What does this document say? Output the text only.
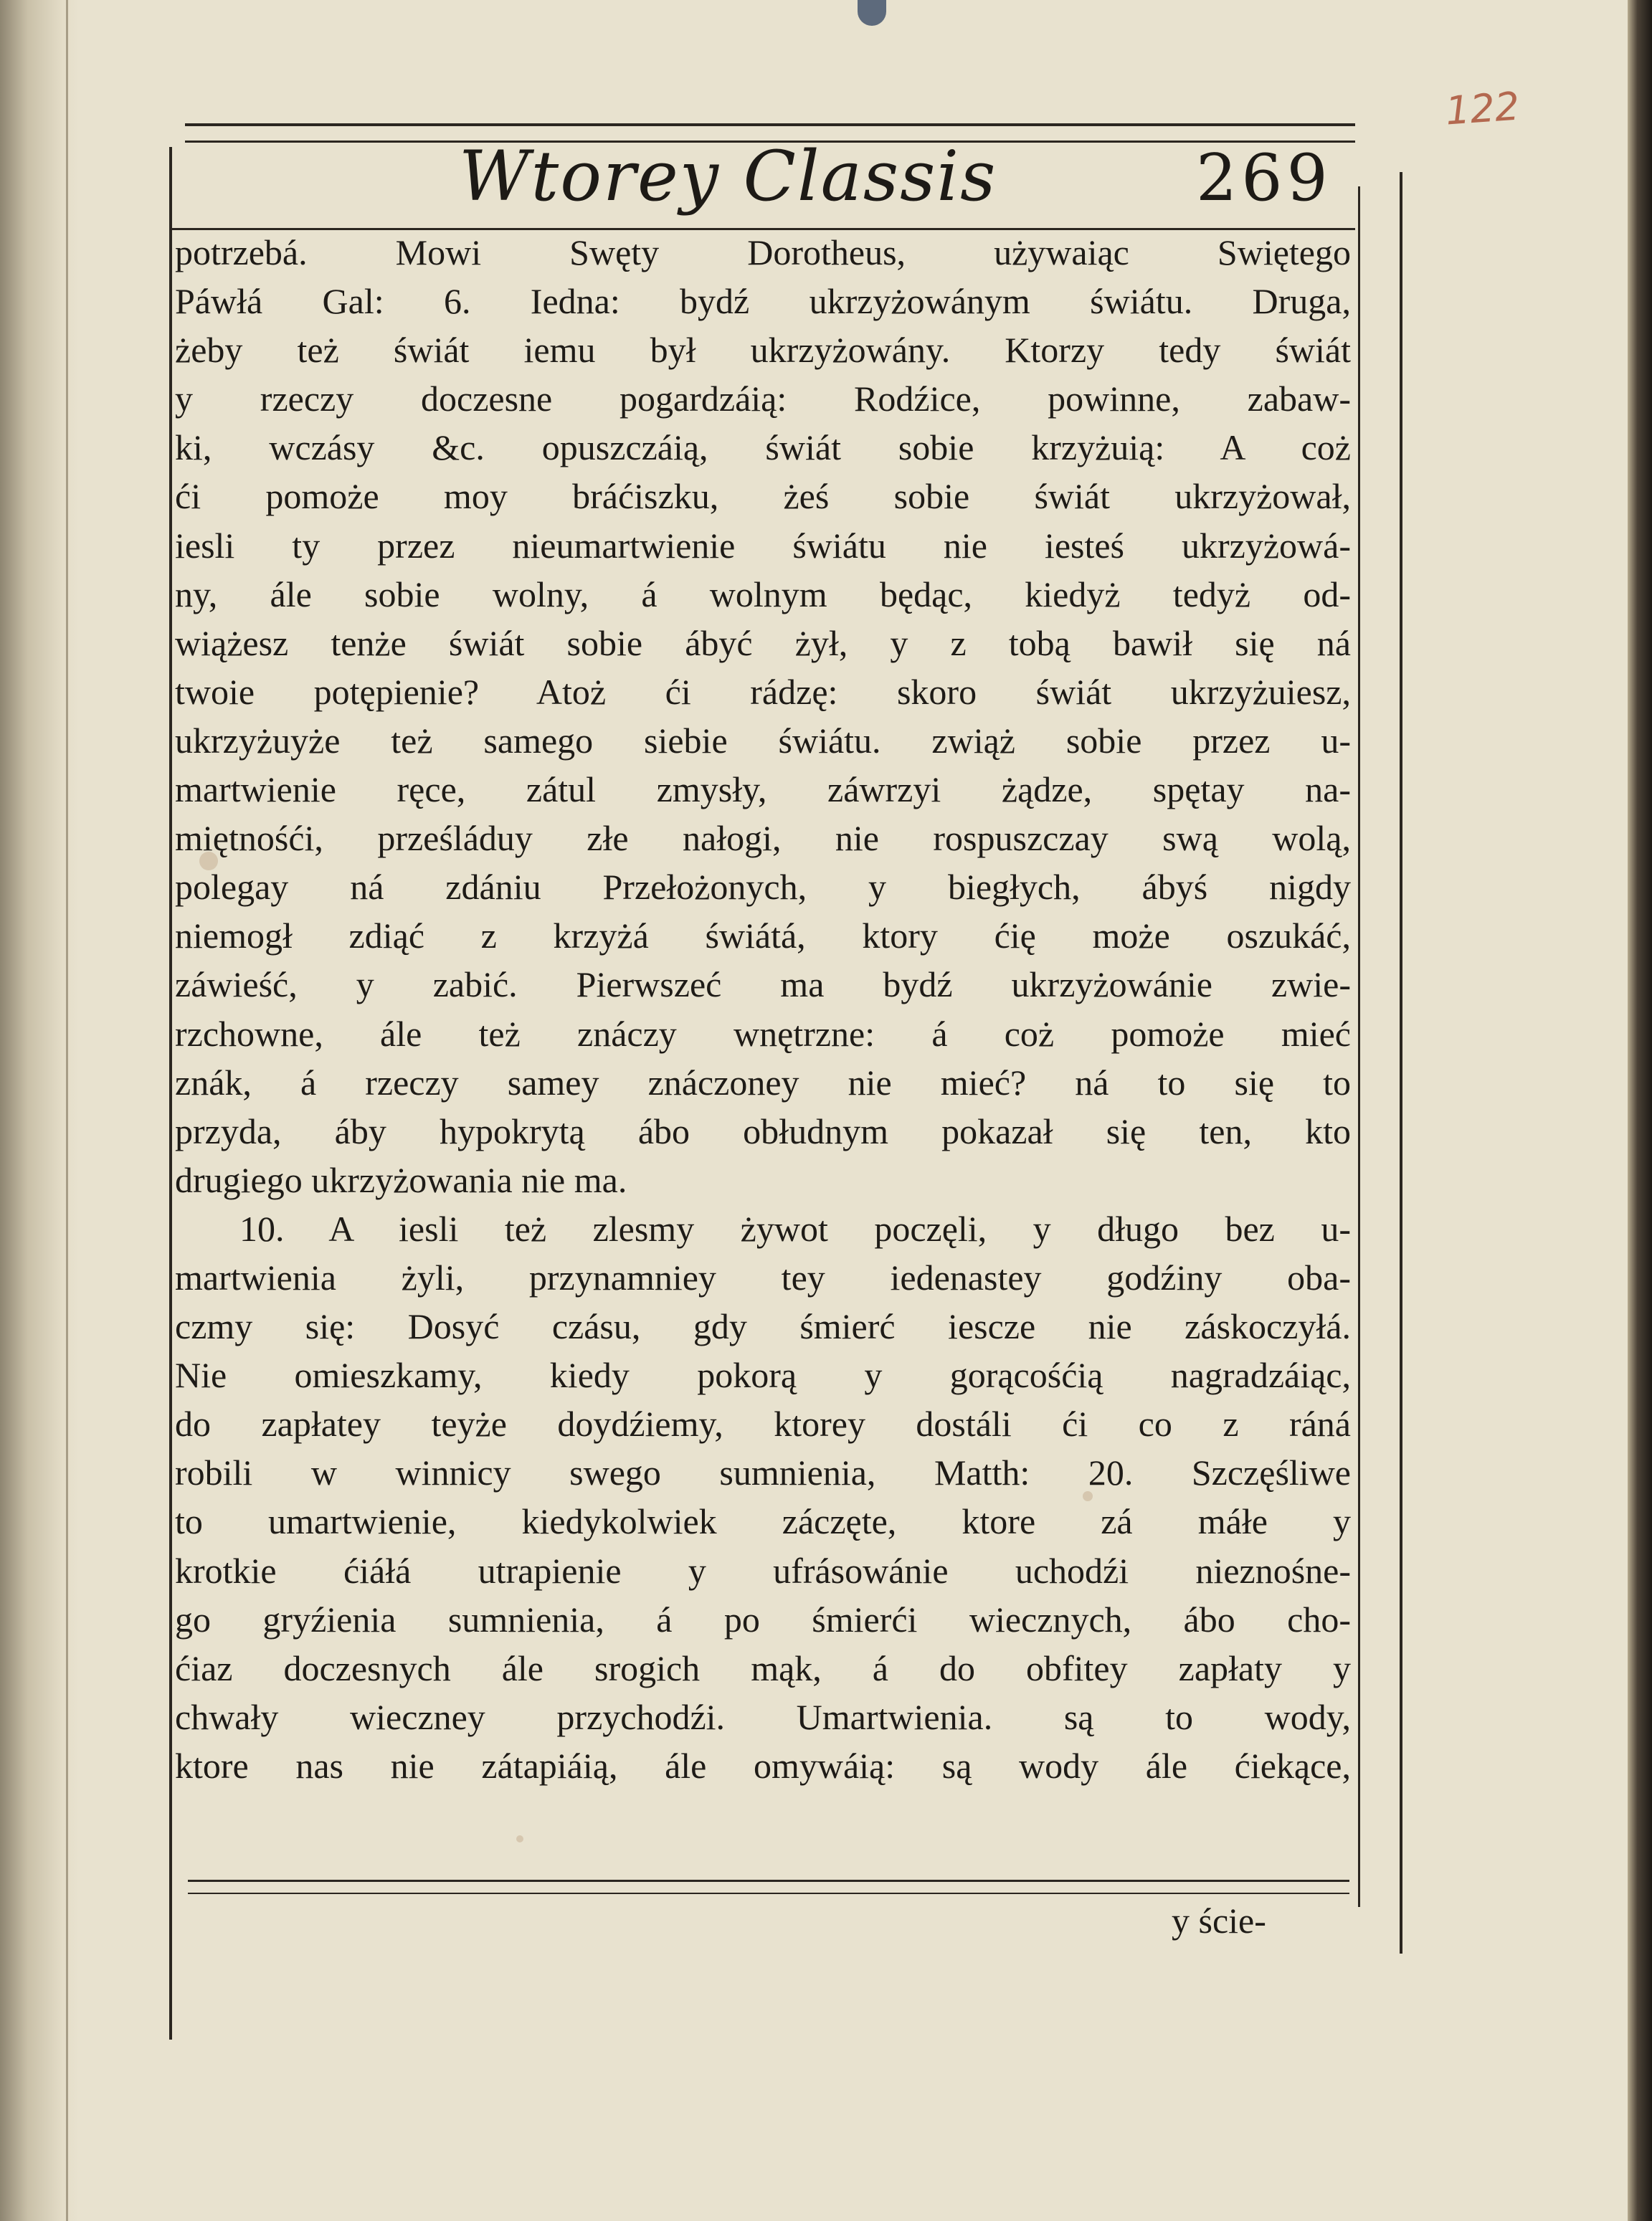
122
Wtorey Classis	269
potrzebá. Mowi Swęty Dorotheus, używaiąc Swiętego
Páwłá Gal: 6. Iedna: bydź ukrzyżowánym świátu. Druga,
żeby też świát iemu był ukrzyżowány. Ktorzy tedy świát
y rzeczy doczesne pogardzáią: Rodźice, powinne, zabaw-
ki, wczásy &c. opuszczáią, świát sobie krzyżuią: A coż
ći pomoże moy bráćiszku, żeś sobie świát ukrzyżował,
iesli ty przez nieumartwienie świátu nie iesteś ukrzyżowá-
ny, ále sobie wolny, á wolnym będąc, kiedyż tedyż od-
wiążesz tenże świát sobie ábyć żył, y z tobą bawił się ná
twoie potępienie? Atoż ći rádzę: skoro świát ukrzyżuiesz,
ukrzyżuyże też samego siebie świátu. zwiąż sobie przez u-
martwienie ręce, zátul zmysły, záwrzyi żądze, spętay na-
miętnośći, prześláduy złe nałogi, nie rospuszczay swą wolą,
polegay ná zdániu Przełożonych, y biegłych, ábyś nigdy
niemogł zdiąć z krzyżá świátá, ktory ćię może oszukáć,
záwieść, y zabić. Pierwszeć ma bydź ukrzyżowánie zwie-
rzchowne, ále też znáczy wnętrzne: á coż pomoże mieć
znák, á rzeczy samey znáczoney nie mieć? ná to się to
przyda, áby hypokrytą ábo obłudnym pokazał się ten, kto
drugiego ukrzyżowania nie ma.
10. A iesli też zlesmy żywot poczęli, y długo bez u-
martwienia żyli, przynamniey tey iedenastey godźiny oba-
czmy się: Dosyć czásu, gdy śmierć iescze nie záskoczyłá.
Nie omieszkamy, kiedy pokorą y gorącośćią nagradzáiąc,
do zapłatey teyże doydźiemy, ktorey dostáli ći co z ráná
robili w winnicy swego sumnienia, Matth: 20. Szczęśliwe
to umartwienie, kiedykolwiek záczęte, ktore zá máłe y
krotkie ćiáłá utrapienie y ufrásowánie uchodźi nieznośne-
go gryźienia sumnienia, á po śmierći wiecznych, ábo cho-
ćiaz doczesnych ále srogich mąk, á do obfitey zapłaty y
chwały wieczney przychodźi. Umartwienia. są to wody,
ktore nas nie zátapiáią, ále omywáią: są wody ále ćiekące,
y ście-
